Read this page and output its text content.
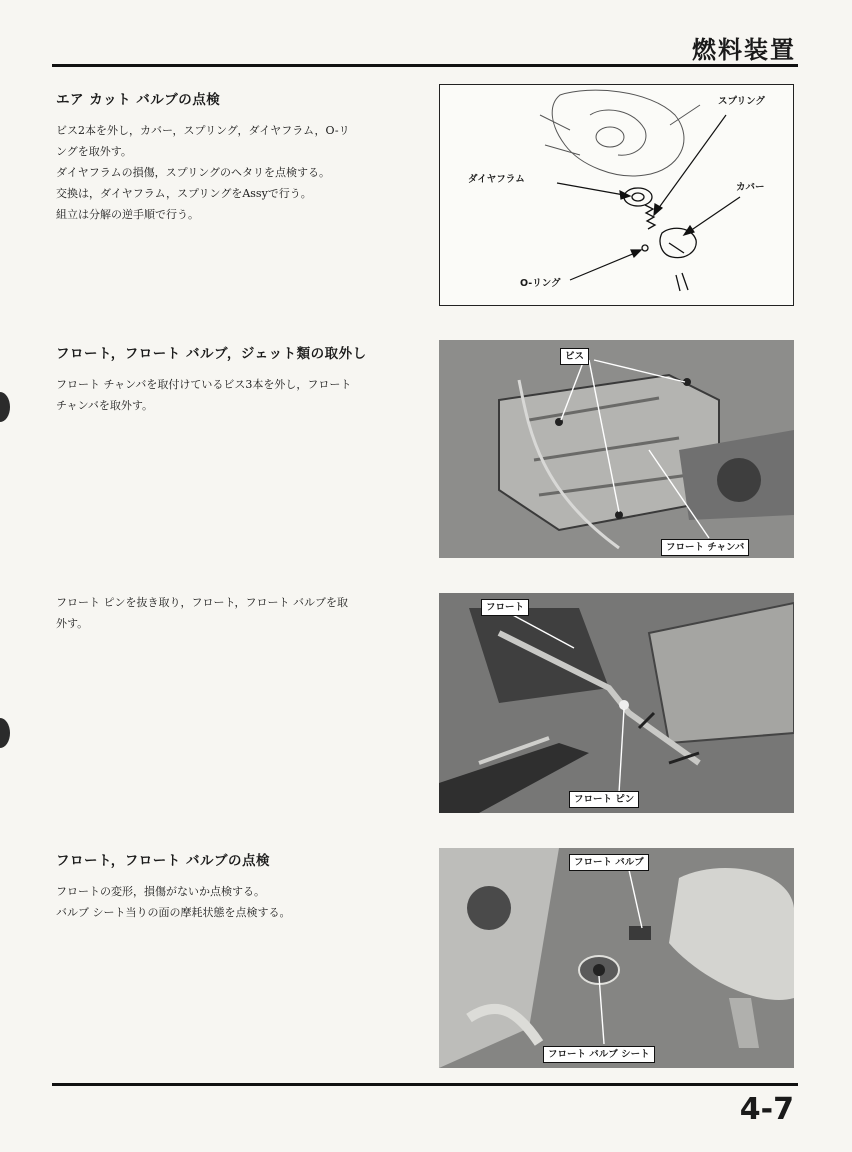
燃料装置
エア カット バルブの点検

ビス2本を外し，カバー，スプリング，ダイヤフラム，O-リ

ングを取外す。

ダイヤフラムの損傷，スプリングのヘタリを点検する。

交換は，ダイヤフラム，スプリングをAssyで行う。

組立は分解の逆手順で行う。

フロート，フロート バルブ，ジェット類の取外し

フロート チャンバを取付けているビス3本を外し，フロート

チャンバを取外す。

フロート ピンを抜き取り，フロート，フロート バルブを取

外す。

フロート，フロート バルブの点検

フロートの変形，損傷がないか点検する。

バルブ シート当りの面の摩耗状態を点検する。

スプリング
ダイヤフラム
カバー
O-リング
ビス
フロート チャンバ
フロート
フロート ピン
フロート バルブ
フロート バルブ シート

4-7
